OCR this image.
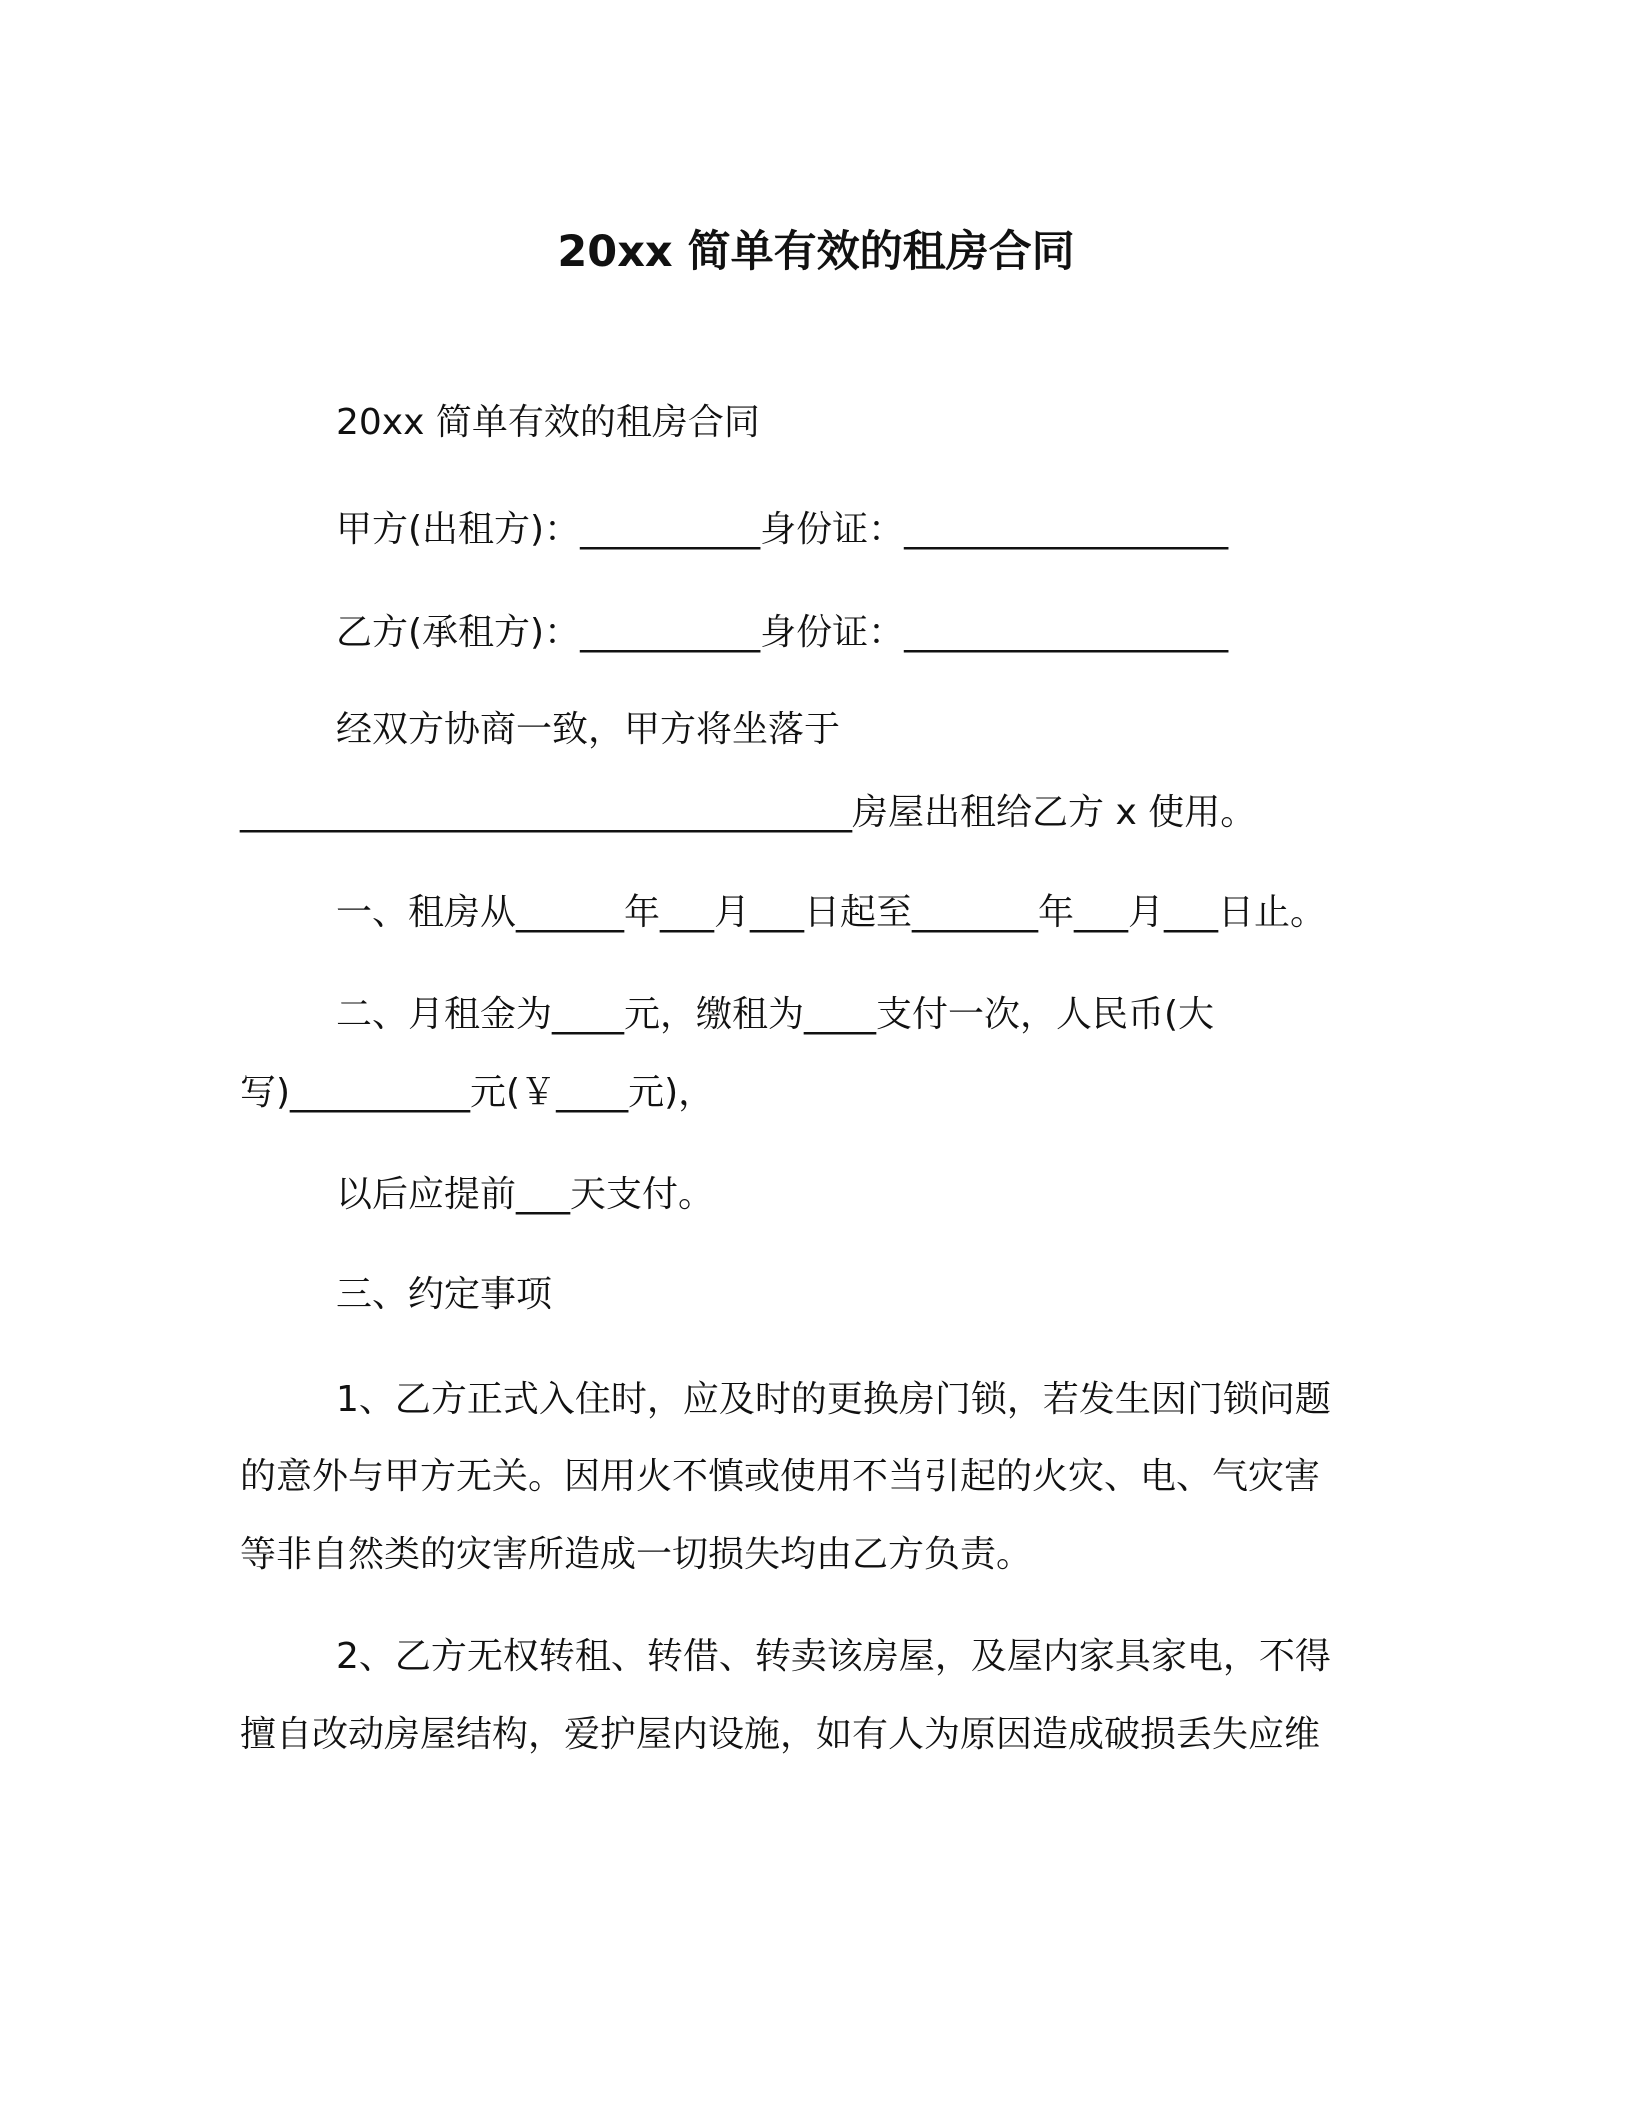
20xx 简单有效的租房合同
20xx 简单有效的租房合同
甲方(出租方)：__________身份证：__________________
乙方(承租方)：__________身份证：__________________
经双方协商一致，甲方将坐落于
__________________________________房屋出租给乙方 x 使用。
一、租房从______年___月___日起至_______年___月___日止。
二、月租金为____元，缴租为____支付一次，人民币(大
写)__________元(￥____元)，
以后应提前___天支付。
三、约定事项
1、乙方正式入住时，应及时的更换房门锁，若发生因门锁问题
的意外与甲方无关。因用火不慎或使用不当引起的火灾、电、气灾害
等非自然类的灾害所造成一切损失均由乙方负责。
2、乙方无权转租、转借、转卖该房屋，及屋内家具家电，不得
擅自改动房屋结构，爱护屋内设施，如有人为原因造成破损丢失应维
